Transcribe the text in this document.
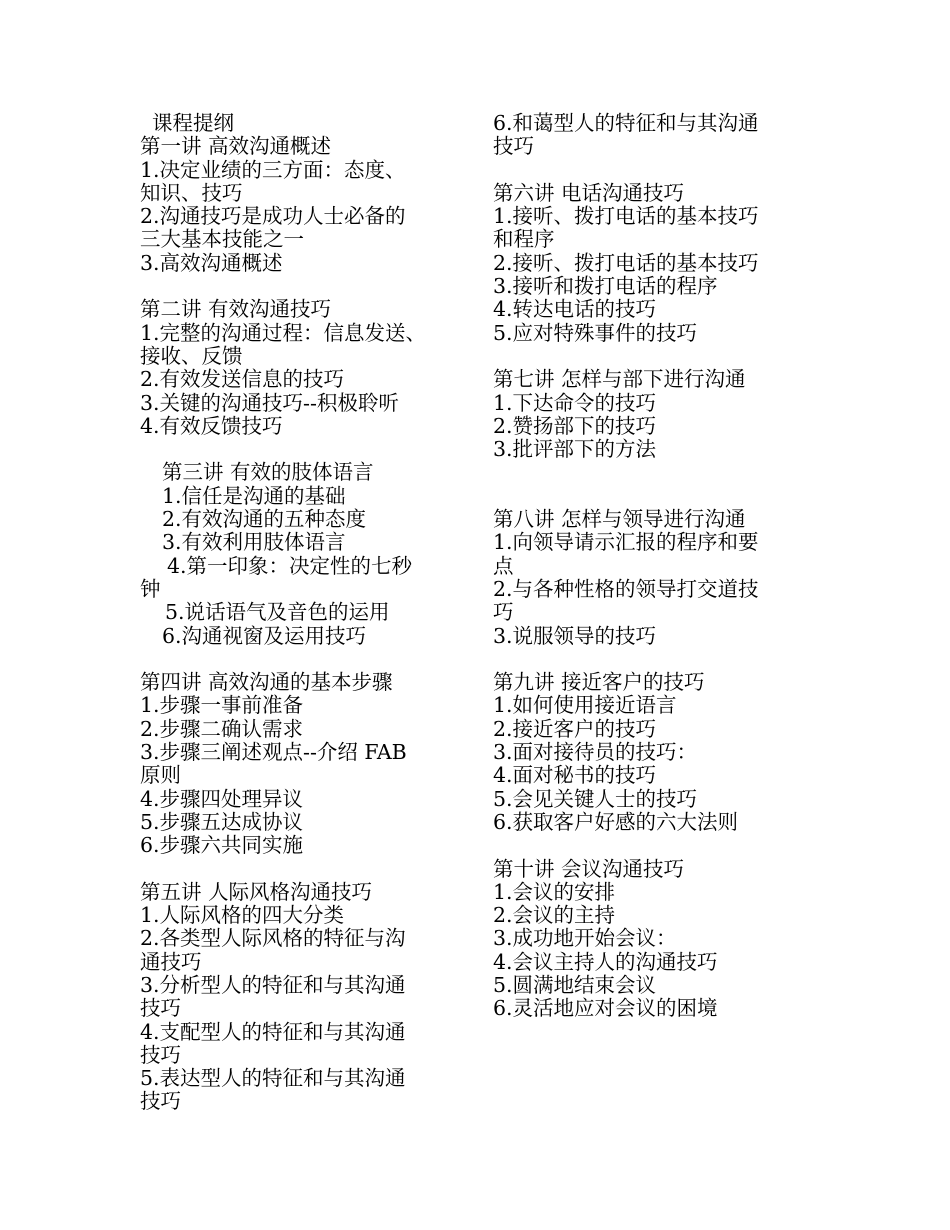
课程提纲
第一讲 高效沟通概述
1.决定业绩的三方面：态度、
知识、技巧
2.沟通技巧是成功人士必备的
三大基本技能之一
3.高效沟通概述
第二讲 有效沟通技巧
1.完整的沟通过程：信息发送、
接收、反馈
2.有效发送信息的技巧
3.关键的沟通技巧--积极聆听
4.有效反馈技巧
第三讲 有效的肢体语言
1.信任是沟通的基础
2.有效沟通的五种态度
3.有效利用肢体语言
4.第一印象：决定性的七秒
钟
5.说话语气及音色的运用
6.沟通视窗及运用技巧
第四讲 高效沟通的基本步骤
1.步骤一事前准备
2.步骤二确认需求
3.步骤三阐述观点--介绍 FAB
原则
4.步骤四处理异议
5.步骤五达成协议
6.步骤六共同实施
第五讲 人际风格沟通技巧
1.人际风格的四大分类
2.各类型人际风格的特征与沟
通技巧
3.分析型人的特征和与其沟通
技巧
4.支配型人的特征和与其沟通
技巧
5.表达型人的特征和与其沟通
技巧
6.和蔼型人的特征和与其沟通
技巧
第六讲 电话沟通技巧
1.接听、拨打电话的基本技巧
和程序
2.接听、拨打电话的基本技巧
3.接听和拨打电话的程序
4.转达电话的技巧
5.应对特殊事件的技巧
第七讲 怎样与部下进行沟通
1.下达命令的技巧
2.赞扬部下的技巧
3.批评部下的方法
第八讲 怎样与领导进行沟通
1.向领导请示汇报的程序和要
点
2.与各种性格的领导打交道技
巧
3.说服领导的技巧
第九讲 接近客户的技巧
1.如何使用接近语言
2.接近客户的技巧
3.面对接待员的技巧：
4.面对秘书的技巧
5.会见关键人士的技巧
6.获取客户好感的六大法则
第十讲 会议沟通技巧
1.会议的安排
2.会议的主持
3.成功地开始会议：
4.会议主持人的沟通技巧
5.圆满地结束会议
6.灵活地应对会议的困境
